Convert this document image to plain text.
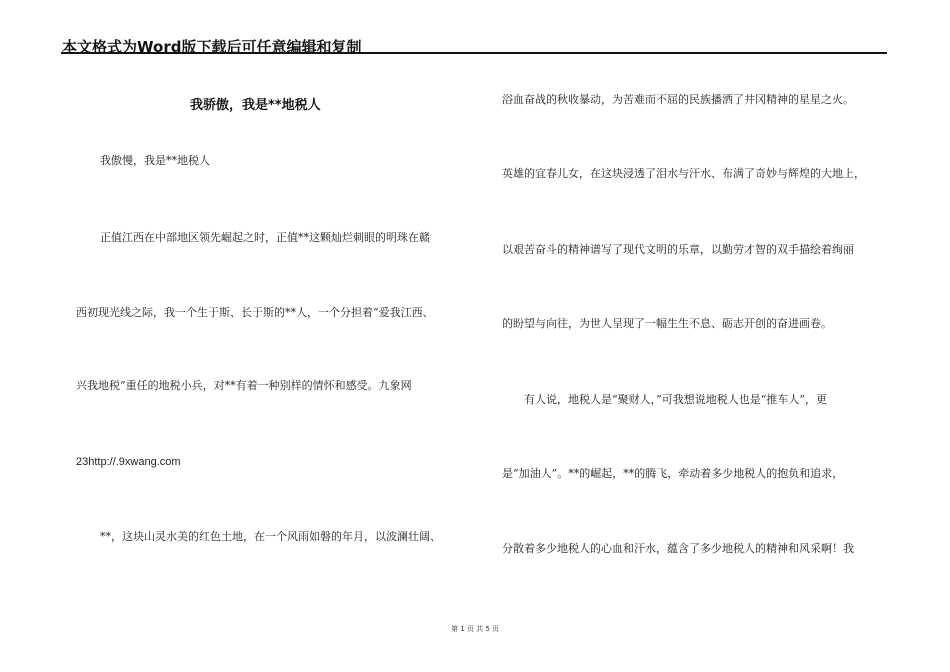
本文格式为Word版下载后可任意编辑和复制
我骄傲，我是**地税人
我傲慢，我是**地税人
正值江西在中部地区领先崛起之时，正值**这颗灿烂刺眼的明珠在赣
西初现光线之际，我一个生于斯、长于斯的**人，一个分担着“爱我江西、
兴我地税”重任的地税小兵，对**有着一种别样的情怀和感受。九象网
23http://.9xwang.com
**，这块山灵水美的红色土地，在一个风雨如磐的年月，以波澜壮阔、
浴血奋战的秋收暴动，为苦难而不屈的民族播洒了井冈精神的星星之火。
英雄的宜春儿女，在这块浸透了泪水与汗水、布满了奇妙与辉煌的大地上，
以艰苦奋斗的精神谱写了现代文明的乐章，以勤劳才智的双手描绘着绚丽
的盼望与向往，为世人呈现了一幅生生不息、砺志开创的奋进画卷。
有人说，地税人是“聚财人，”可我想说地税人也是“推车人”，更
是“加油人”。**的崛起，**的腾飞，牵动着多少地税人的抱负和追求，
分散着多少地税人的心血和汗水，蕴含了多少地税人的精神和风采啊！我
第 1 页 共 5 页
